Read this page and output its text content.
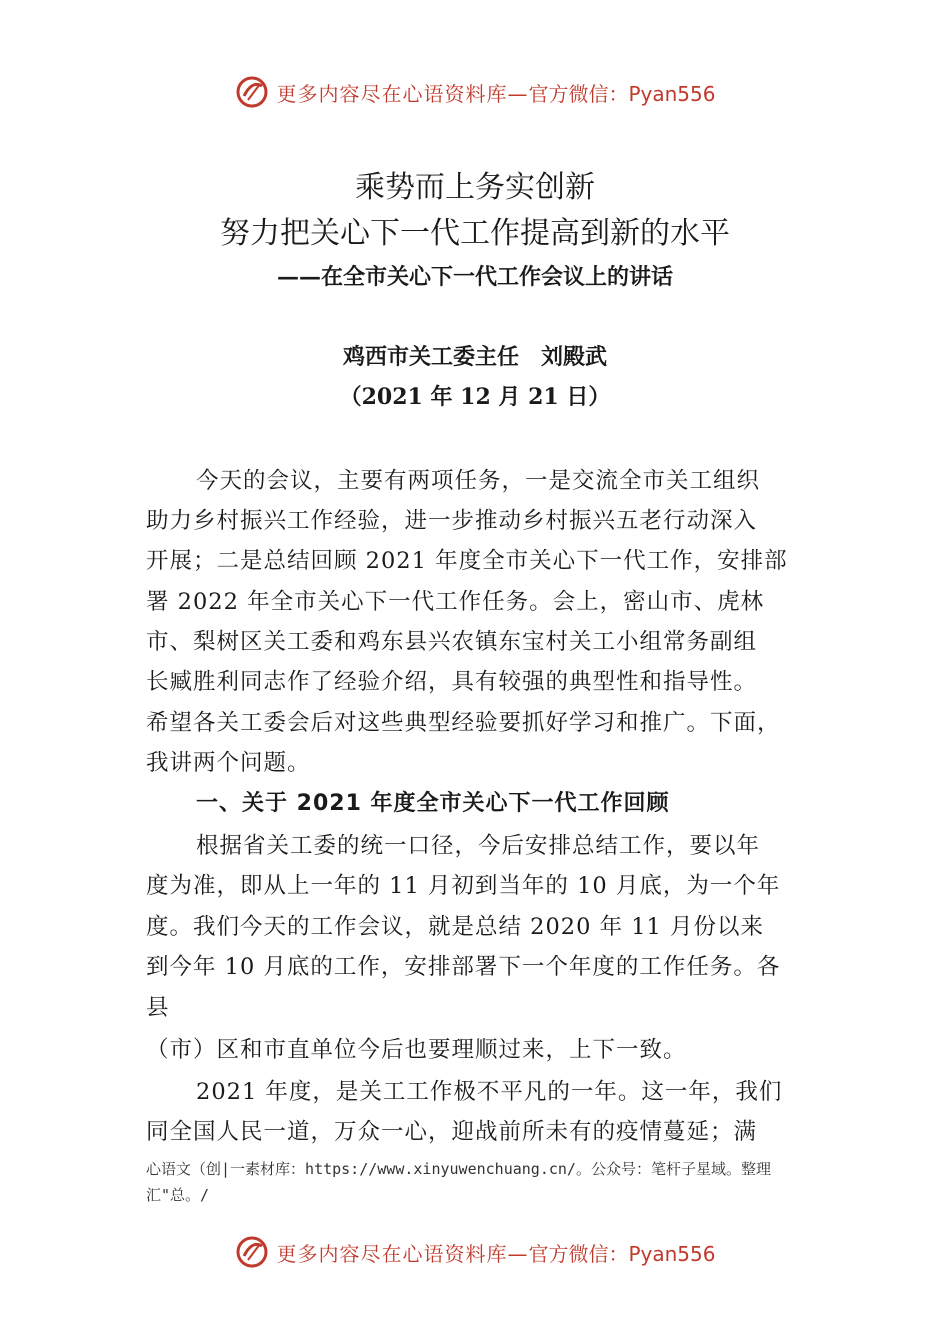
更多内容尽在心语资料库— 官方微信：Pyan556
乘势而上务实创新
努力把关心下一代工作提高到新的水平
——在全市关心下一代工作会议上的讲话
鸡西市关工委主任　刘殿武
（2021 年 12 月 21 日）
今天的会议，主要有两项任务，一是交流全市关工组织
助力乡村振兴工作经验，进一步推动乡村振兴五老行动深入
开展；二是总结回顾 2021 年度全市关心下一代工作，安排部
署 2022 年全市关心下一代工作任务。会上，密山市、虎林
市、梨树区关工委和鸡东县兴农镇东宝村关工小组常务副组
长臧胜利同志作了经验介绍，具有较强的典型性和指导性。
希望各关工委会后对这些典型经验要抓好学习和推广。下面，
我讲两个问题。
一、关于 2021 年度全市关心下一代工作回顾
根据省关工委的统一口径，今后安排总结工作，要以年
度为准，即从上一年的 11 月初到当年的 10 月底，为一个年
度。我们今天的工作会议，就是总结 2020 年 11 月份以来
到今年 10 月底的工作，安排部署下一个年度的工作任务。各
县
（市）区和市直单位今后也要理顺过来，上下一致。
2021 年度，是关工工作极不平凡的一年。这一年，我们
同全国人民一道，万众一心，迎战前所未有的疫情蔓延；满
心语文（创|一素材库：https://www.xinyuwenchuang.cn/。公众号：笔杆子星域。整理
汇"总。/
更多内容尽在心语资料库— 官方微信：Pyan556
